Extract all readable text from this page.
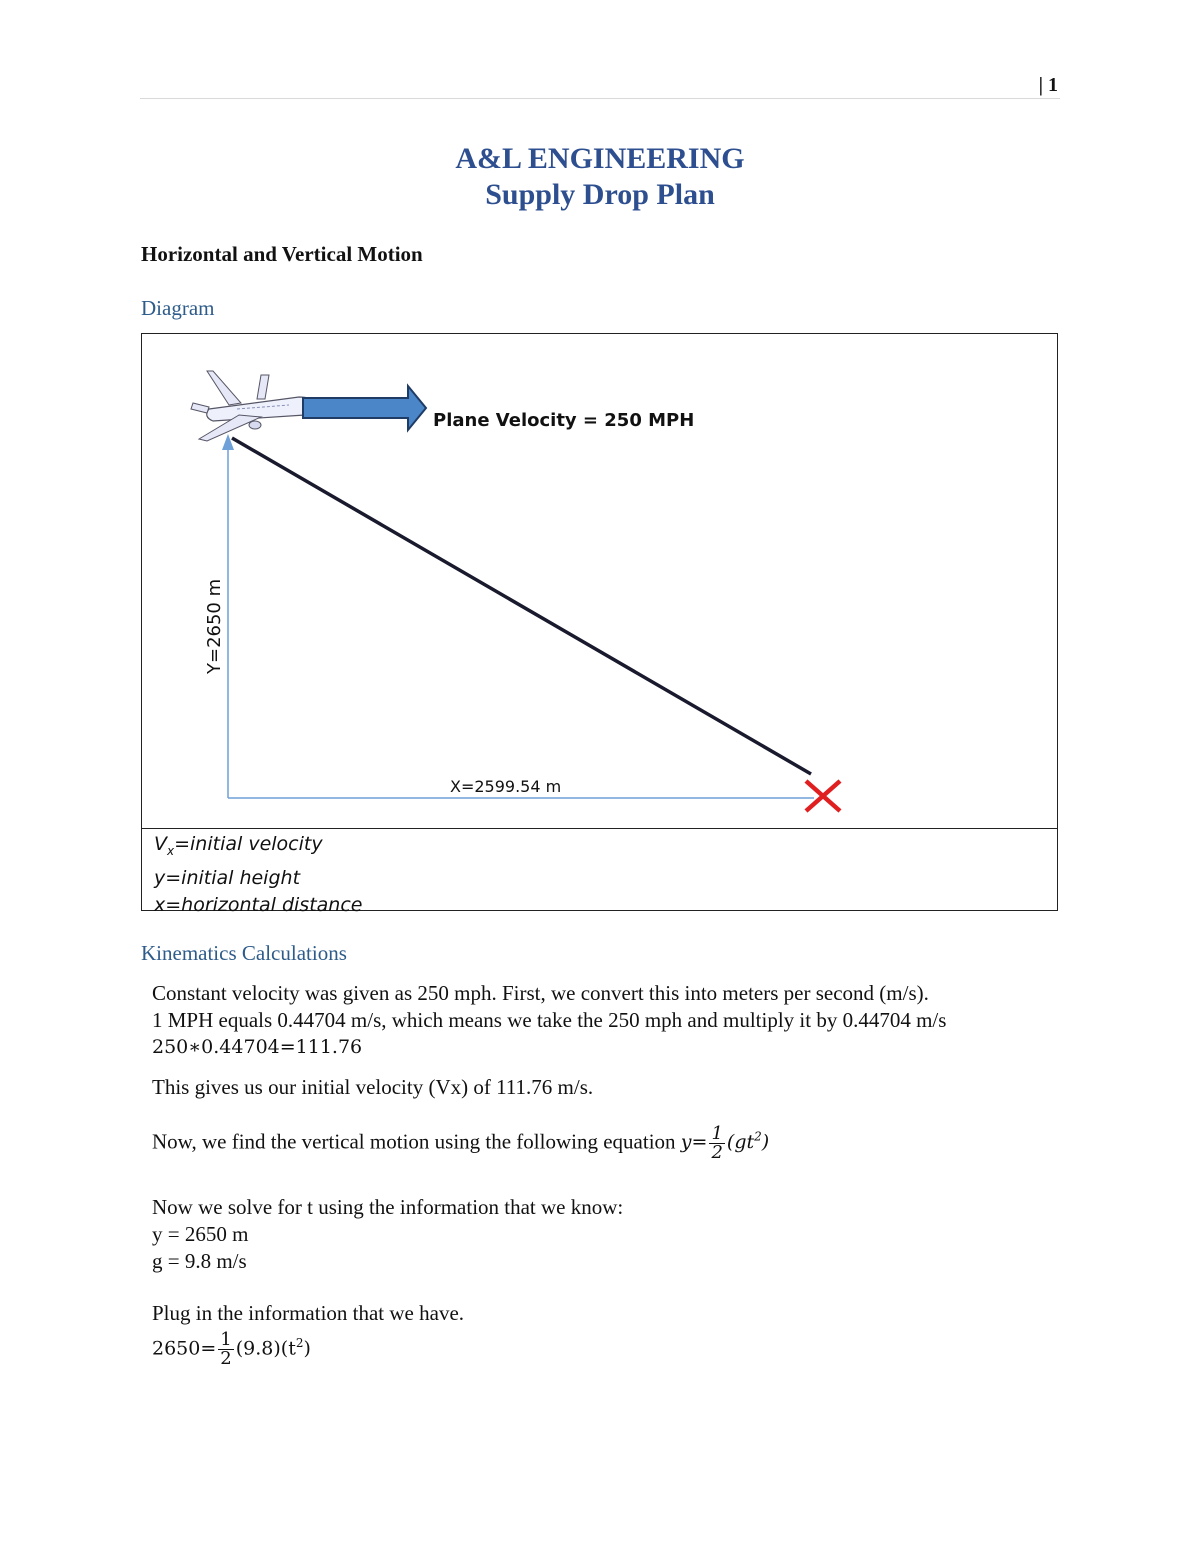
| 1
A&L ENGINEERING
Supply Drop Plan
Horizontal and Vertical Motion
Diagram
Plane Velocity = 250 MPH
Y=2650 m
X=2599.54 m
$V_x=initial$ velocity
y=initial height
x=horizontal distance
Kinematics Calculations
Constant velocity was given as 250 mph. First, we convert this into meters per second (m/s).
1 MPH equals 0.44704 m/s, which means we take the 250 mph and multiply it by 0.44704 m/s
250∗0.44704=111.76
This gives us our initial velocity (Vx) of 111.76 m/s.
Now, we find the vertical motion using the following equation $y= \frac{1}{2} (gt^2)$
Now we solve for t using the information that we know:
y = 2650 m
g = 9.8 m/s
Plug in the information that we have.
$2650= \frac{1}{2} (9.8)(t^2)$
